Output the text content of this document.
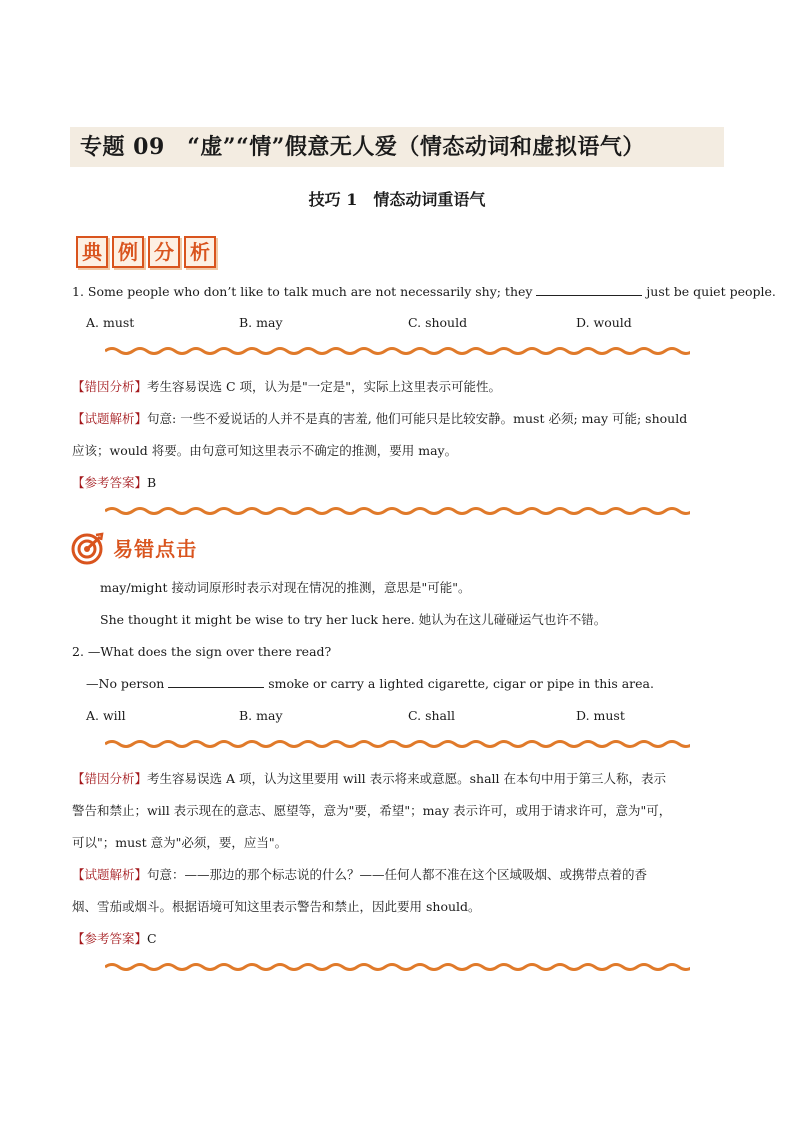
专题 09　“虚”“情”假意无人爱（情态动词和虚拟语气）
技巧 1　情态动词重语气
典 例 分 析
1. Some people who don’t like to talk much are not necessarily shy; they	just be quiet people.
A. must	B. may	C. should	D. would
【错因分析】考生容易误选 C 项，认为是"一定是"，实际上这里表示可能性。
【试题解析】句意: 一些不爱说话的人并不是真的害羞, 他们可能只是比较安静。must 必须; may 可能; should
应该；would 将要。由句意可知这里表示不确定的推测，要用 may。
【参考答案】B
易错点击
may/might 接动词原形时表示对现在情况的推测，意思是"可能"。
She thought it might be wise to try her luck here. 她认为在这儿碰碰运气也许不错。
2. —What does the sign over there read?
—No person	smoke or carry a lighted cigarette, cigar or pipe in this area.
A. will	B. may	C. shall	D. must
【错因分析】考生容易误选 A 项，认为这里要用 will 表示将来或意愿。shall 在本句中用于第三人称，表示
警告和禁止；will 表示现在的意志、愿望等，意为"要，希望"；may 表示许可，或用于请求许可，意为"可，
可以"；must 意为"必须，要，应当"。
【试题解析】句意：——那边的那个标志说的什么？——任何人都不准在这个区域吸烟、或携带点着的香
烟、雪茄或烟斗。根据语境可知这里表示警告和禁止，因此要用 should。
【参考答案】C
